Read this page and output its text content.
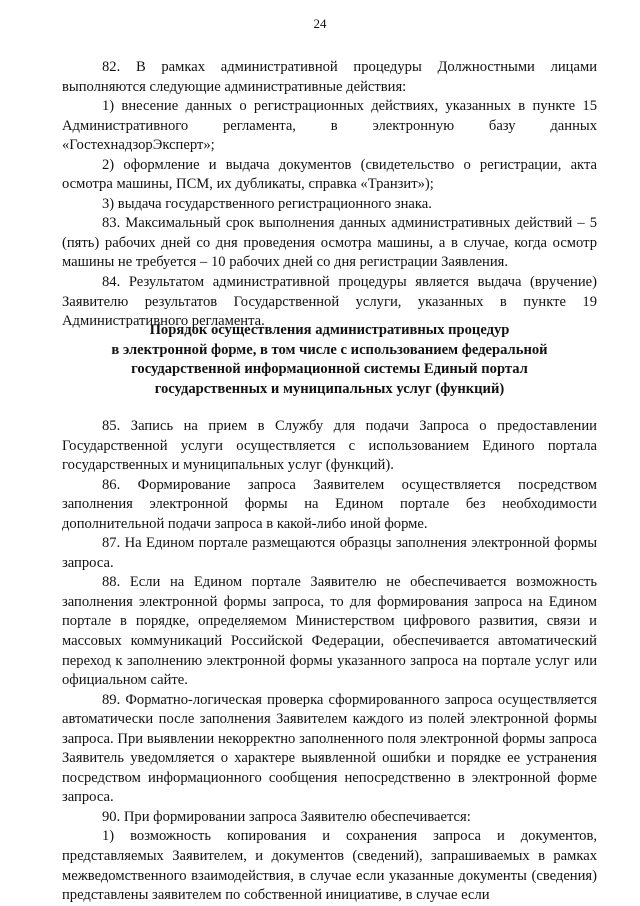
24

82. В рамках административной процедуры Должностными лицами выполняются следующие административные действия:

1) внесение данных о регистрационных действиях, указанных в пункте 15 Административного регламента, в электронную базу данных «ГостехнадзорЭксперт»;

2) оформление и выдача документов (свидетельство о регистрации, акта осмотра машины, ПСМ, их дубликаты, справка «Транзит»);

3) выдача государственного регистрационного знака.

83. Максимальный срок выполнения данных административных действий – 5 (пять) рабочих дней со дня проведения осмотра машины, а в случае, когда осмотр машины не требуется – 10 рабочих дней со дня регистрации Заявления.

84. Результатом административной процедуры является выдача (вручение) Заявителю результатов Государственной услуги, указанных в пункте 19 Административного регламента.

Порядок осуществления административных процедур

в электронной форме, в том числе с использованием федеральной

государственной информационной системы Единый портал

государственных и муниципальных услуг (функций)

85. Запись на прием в Службу для подачи Запроса о предоставлении Государственной услуги осуществляется с использованием Единого портала государственных и муниципальных услуг (функций).

86. Формирование запроса Заявителем осуществляется посредством заполнения электронной формы на Едином портале без необходимости дополнительной подачи запроса в какой-либо иной форме.

87. На Едином портале размещаются образцы заполнения электронной формы запроса.

88. Если на Едином портале Заявителю не обеспечивается возможность заполнения электронной формы запроса, то для формирования запроса на Едином портале в порядке, определяемом Министерством цифрового развития, связи и массовых коммуникаций Российской Федерации, обеспечивается автоматический переход к заполнению электронной формы указанного запроса на портале услуг или официальном сайте.

89. Форматно-логическая проверка сформированного запроса осуществляется автоматически после заполнения Заявителем каждого из полей электронной формы запроса. При выявлении некорректно заполненного поля электронной формы запроса Заявитель уведомляется о характере выявленной ошибки и порядке ее устранения посредством информационного сообщения непосредственно в электронной форме запроса.

90. При формировании запроса Заявителю обеспечивается:

1) возможность копирования и сохранения запроса и документов, представляемых Заявителем, и документов (сведений), запрашиваемых в рамках межведомственного взаимодействия, в случае если указанные документы (сведения) представлены заявителем по собственной инициативе, в случае если
